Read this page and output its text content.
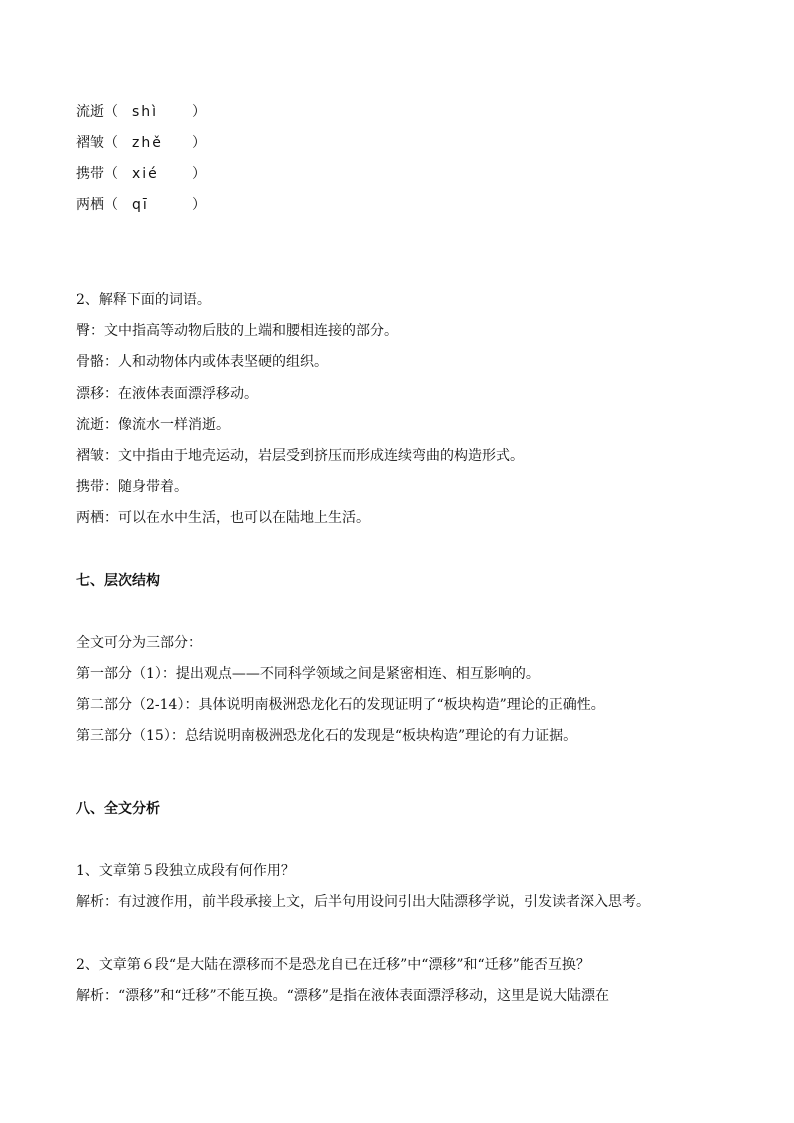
流逝（ shì ）
褶皱（ zhě ）
携带（ xié ）
两栖（ qī	）
2、解释下面的词语。
臀：文中指高等动物后肢的上端和腰相连接的部分。
骨骼：人和动物体内或体表坚硬的组织。
漂移：在液体表面漂浮移动。
流逝：像流水一样消逝。
褶皱：文中指由于地壳运动，岩层受到挤压而形成连续弯曲的构造形式。
携带：随身带着。
两栖：可以在水中生活，也可以在陆地上生活。
七、层次结构
全文可分为三部分：
第一部分（1）：提出观点——不同科学领域之间是紧密相连、相互影响的。
第二部分（2-14）：具体说明南极洲恐龙化石的发现证明了“板块构造”理论的正确性。
第三部分（15）：总结说明南极洲恐龙化石的发现是“板块构造”理论的有力证据。
八、全文分析
1、文章第５段独立成段有何作用？
解析：有过渡作用，前半段承接上文，后半句用设问引出大陆漂移学说，引发读者深入思考。
2、文章第６段“是大陆在漂移而不是恐龙自已在迁移”中“漂移”和“迁移”能否互换？
解析：“漂移”和“迁移”不能互换。“漂移”是指在液体表面漂浮移动，这里是说大陆漂在
